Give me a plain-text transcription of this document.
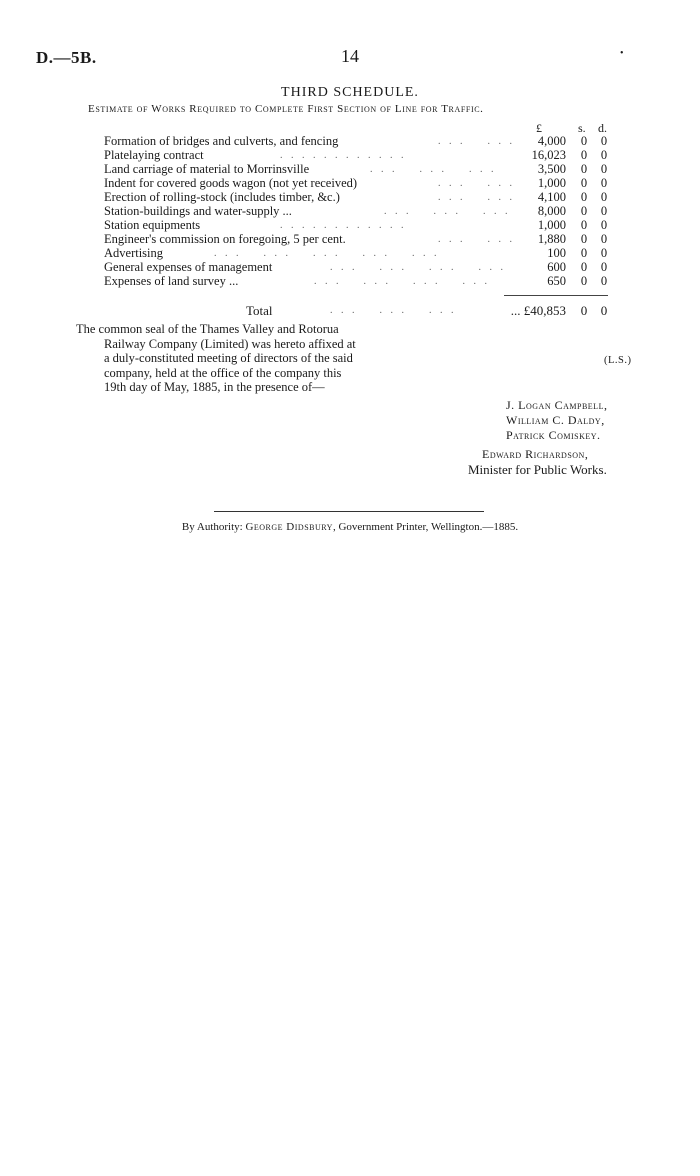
D.—5B.	14	•
THIRD SCHEDULE.
Estimate of Works Required to Complete First Section of Line for Traffic.
£	s. d.
Formation of bridges and culverts, and fencing	. . .    . . .	4,000 0 0
Platelaying contract	. . . . . . . . . . . .	16,023 0 0
Land carriage of material to Morrinsville	. . .    . . .    . . .	3,500 0 0
Indent for covered goods wagon (not yet received)	. . .    . . .	1,000 0 0
Erection of rolling-stock (includes timber, &c.)	. . .    . . .	4,100 0 0
Station-buildings and water-supply ...	. . .    . . .    . . .	8,000 0 0
Station equipments	. . . . . . . . . . . .	1,000 0 0
Engineer's commission on foregoing, 5 per cent.	. . .    . . .	1,880 0 0
Advertising	. . .    . . .    . . .    . . .    . . .	100 0 0
General expenses of management	. . .    . . .    . . .    . . .	600 0 0
Expenses of land survey ...	. . .    . . .    . . .    . . .	650 0 0
Total	. . .    . . .    . . .	... £40,853 0 0
The common seal of the Thames Valley and Rotorua
Railway Company (Limited) was hereto affixed at
a duly-constituted meeting of directors of the said
company, held at the office of the company this
19th day of May, 1885, in the presence of—
(L.S.)
J. Logan Campbell,
William C. Daldy,
Patrick Comiskey.
Edward Richardson,
Minister for Public Works.
By Authority: George Didsbury, Government Printer, Wellington.—1885.
